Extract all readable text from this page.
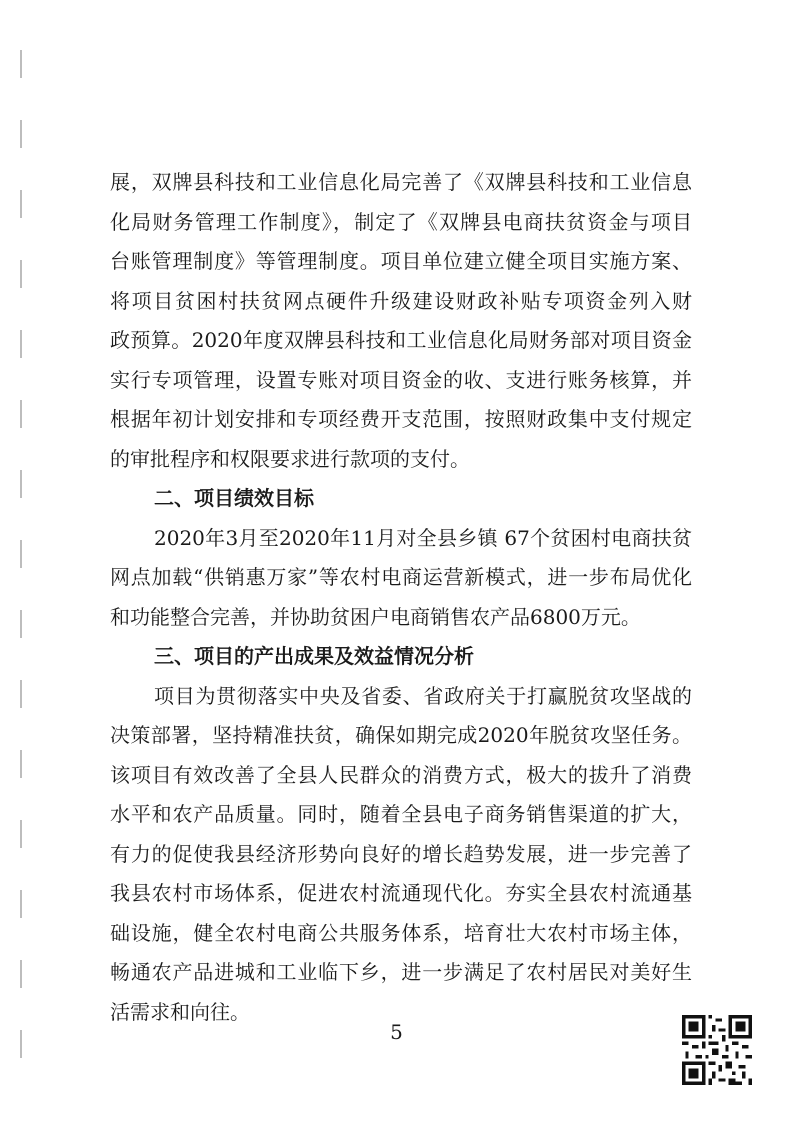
展，双牌县科技和工业信息化局完善了《双牌县科技和工业信息
化局财务管理工作制度》，制定了《双牌县电商扶贫资金与项目
台账管理制度》等管理制度。项目单位建立健全项目实施方案、
将项目贫困村扶贫网点硬件升级建设财政补贴专项资金列入财
政预算。2020年度双牌县科技和工业信息化局财务部对项目资金
实行专项管理，设置专账对项目资金的收、支进行账务核算，并
根据年初计划安排和专项经费开支范围，按照财政集中支付规定
的审批程序和权限要求进行款项的支付。
二、项目绩效目标
2020年3月至2020年11月对全县乡镇 67个贫困村电商扶贫
网点加载“供销惠万家”等农村电商运营新模式，进一步布局优化
和功能整合完善，并协助贫困户电商销售农产品6800万元。
三、项目的产出成果及效益情况分析
项目为贯彻落实中央及省委、省政府关于打赢脱贫攻坚战的
决策部署，坚持精准扶贫，确保如期完成2020年脱贫攻坚任务。
该项目有效改善了全县人民群众的消费方式，极大的拔升了消费
水平和农产品质量。同时，随着全县电子商务销售渠道的扩大，
有力的促使我县经济形势向良好的增长趋势发展，进一步完善了
我县农村市场体系，促进农村流通现代化。夯实全县农村流通基
础设施，健全农村电商公共服务体系，培育壮大农村市场主体，
畅通农产品进城和工业临下乡，进一步满足了农村居民对美好生
活需求和向往。
5
